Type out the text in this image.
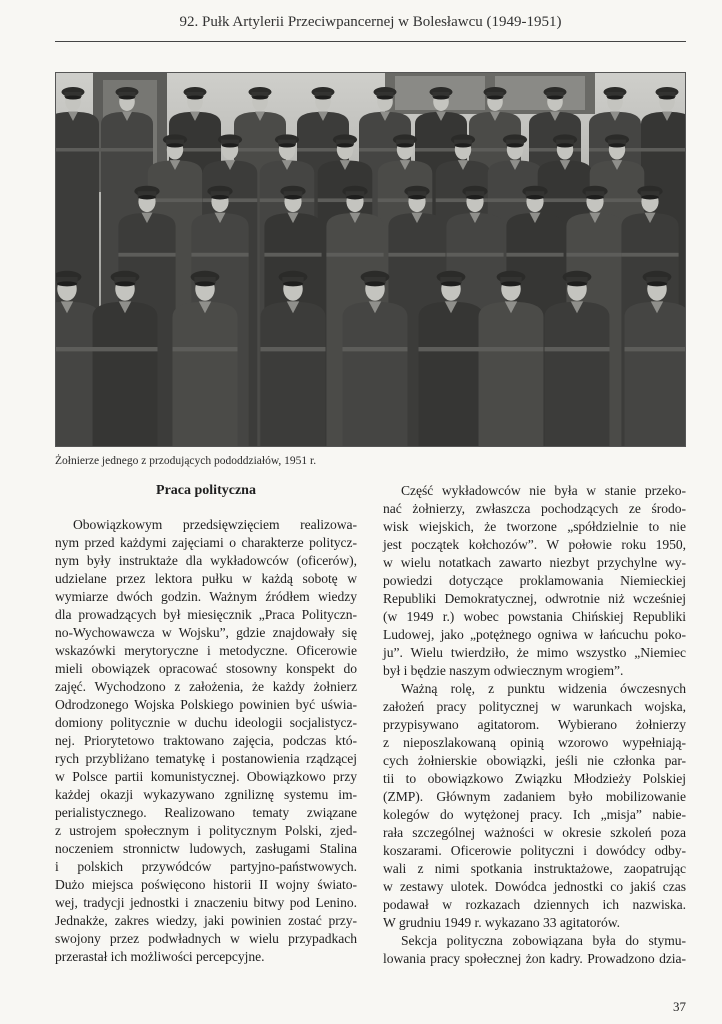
92. Pułk Artylerii Przeciwpancernej w Bolesławcu (1949-1951)
Żołnierze jednego z przodujących pododdziałów, 1951 r.
Praca polityczna
Obowiązkowym przedsięwzięciem realizowa-
nym przed każdymi zajęciami o charakterze politycz-
nym były instruktaże dla wykładowców (oficerów),
udzielane przez lektora pułku w każdą sobotę w
wymiarze dwóch godzin. Ważnym źródłem wiedzy
dla prowadzących był miesięcznik „Praca Polityczn-
no-Wychowawcza w Wojsku”, gdzie znajdowały się
wskazówki merytoryczne i metodyczne. Oficerowie
mieli obowiązek opracować stosowny konspekt do
zajęć. Wychodzono z założenia, że każdy żołnierz
Odrodzonego Wojska Polskiego powinien być uświa-
domiony politycznie w duchu ideologii socjalistycz-
nej. Priorytetowo traktowano zajęcia, podczas któ-
rych przybliżano tematykę i postanowienia rządzącej
w Polsce partii komunistycznej. Obowiązkowo przy
każdej okazji wykazywano zgniliznę systemu im-
perialistycznego. Realizowano tematy związane
z ustrojem społecznym i politycznym Polski, zjed-
noczeniem stronnictw ludowych, zasługami Stalina
i polskich przywódców partyjno-państwowych.
Dużo miejsca poświęcono historii II wojny świato-
wej, tradycji jednostki i znaczeniu bitwy pod Lenino.
Jednakże, zakres wiedzy, jaki powinien zostać przy-
swojony przez podwładnych w wielu przypadkach
przerastał ich możliwości percepcyjne.
Część wykładowców nie była w stanie przeko-
nać żołnierzy, zwłaszcza pochodzących ze środo-
wisk wiejskich, że tworzone „spółdzielnie to nie
jest początek kołchozów”. W połowie roku 1950,
w wielu notatkach zawarto niezbyt przychylne wy-
powiedzi dotyczące proklamowania Niemieckiej
Republiki Demokratycznej, odwrotnie niż wcześniej
(w 1949 r.) wobec powstania Chińskiej Republiki
Ludowej, jako „potężnego ogniwa w łańcuchu poko-
ju”. Wielu twierdziło, że mimo wszystko „Niemiec
był i będzie naszym odwiecznym wrogiem”.
Ważną rolę, z punktu widzenia ówczesnych
założeń pracy politycznej w warunkach wojska,
przypisywano agitatorom. Wybierano żołnierzy
z nieposzlakowaną opinią wzorowo wypełniają-
cych żołnierskie obowiązki, jeśli nie członka par-
tii to obowiązkowo Związku Młodzieży Polskiej
(ZMP). Głównym zadaniem było mobilizowanie
kolegów do wytężonej pracy. Ich „misja” nabie-
rała szczególnej ważności w okresie szkoleń poza
koszarami. Oficerowie polityczni i dowódcy odby-
wali z nimi spotkania instruktażowe, zaopatrując
w zestawy ulotek. Dowódca jednostki co jakiś czas
podawał w rozkazach dziennych ich nazwiska.
W grudniu 1949 r. wykazano 33 agitatorów.
Sekcja polityczna zobowiązana była do stymu-
lowania pracy społecznej żon kadry. Prowadzono dzia-
37
